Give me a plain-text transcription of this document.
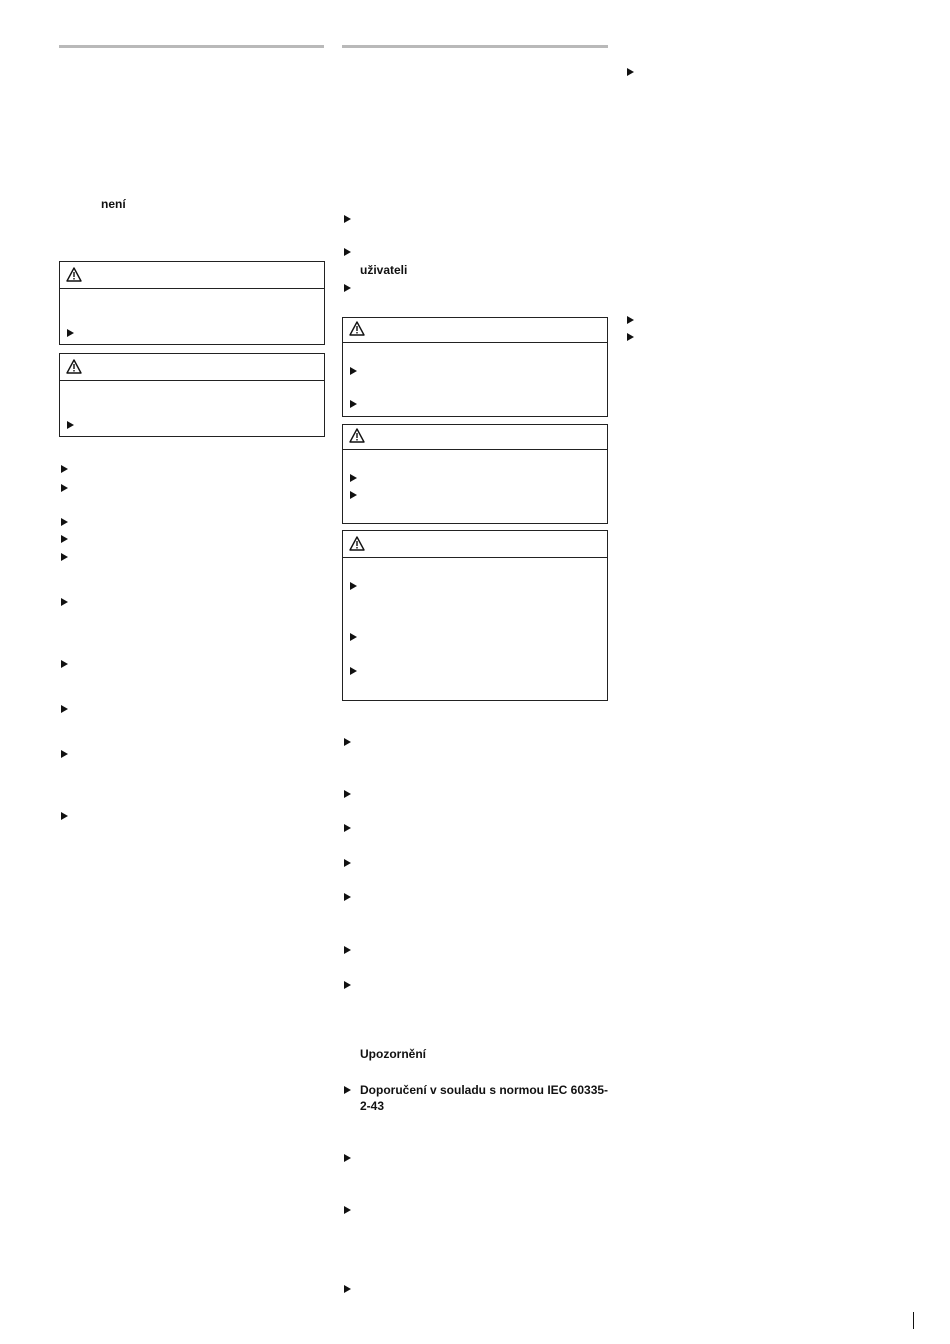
není
uživateli
Upozornění
Doporučení v souladu s normou IEC 60335-
2-43
